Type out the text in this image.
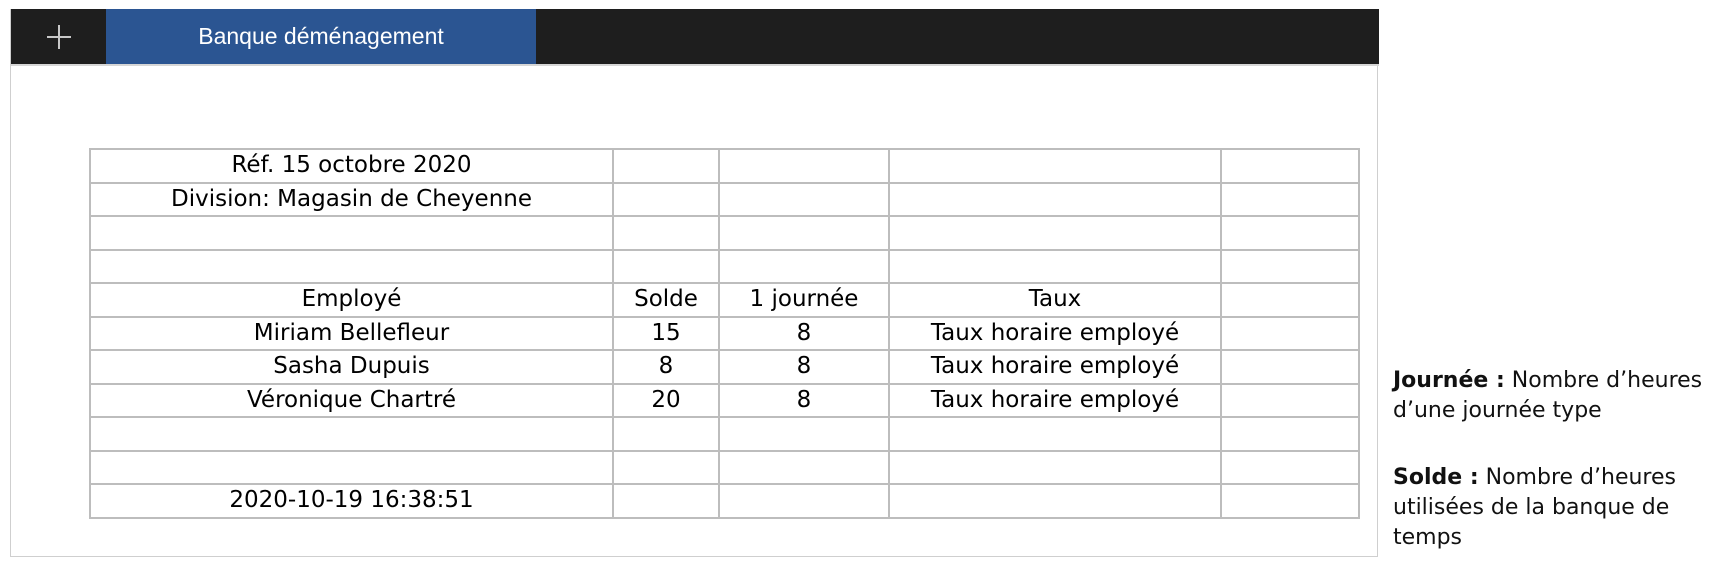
Banque déménagement
Réf. 15 octobre 2020				
Division: Magasin de Cheyenne				

Employé	Solde	1 journée	Taux	
Miriam Bellefleur	15	8	Taux horaire employé	
Sasha Dupuis	8	8	Taux horaire employé	
Véronique Chartré	20	8	Taux horaire employé	

2020-10-19 16:38:51				
Journée : Nombre d’heures d’une journée type
Solde : Nombre d’heures utilisées de la banque de temps
